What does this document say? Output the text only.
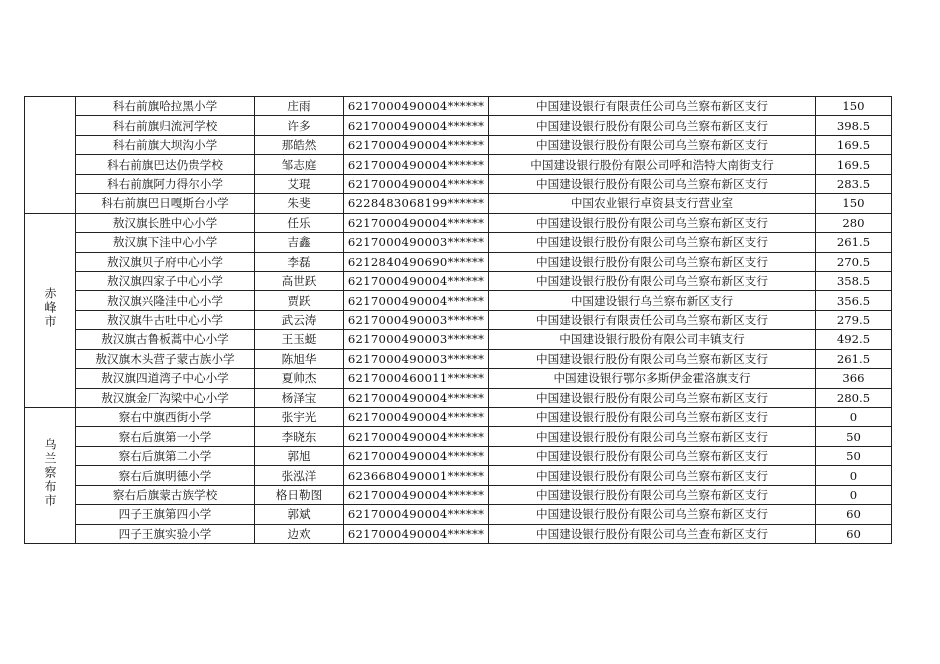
	科右前旗哈拉黑小学	庄雨	6217000490004******	中国建设银行有限责任公司乌兰察布新区支行	150
	科右前旗归流河学校	许多	6217000490004******	中国建设银行股份有限公司乌兰察布新区支行	398.5
	科右前旗大坝沟小学	那皓然	6217000490004******	中国建设银行股份有限公司乌兰察布新区支行	169.5
	科右前旗巴达仍贵学校	邹志庭	6217000490004******	中国建设银行股份有限公司呼和浩特大南街支行	169.5
	科右前旗阿力得尔小学	艾琨	6217000490004******	中国建设银行股份有限公司乌兰察布新区支行	283.5
	科右前旗巴日嘎斯台小学	朱斐	6228483068199******	中国农业银行卓资县支行营业室	150
赤峰市	敖汉旗长胜中心小学	任乐	6217000490004******	中国建设银行股份有限公司乌兰察布新区支行	280
	敖汉旗下洼中心小学	吉鑫	6217000490003******	中国建设银行股份有限公司乌兰察布新区支行	261.5
	敖汉旗贝子府中心小学	李磊	6212840490690******	中国建设银行股份有限公司乌兰察布新区支行	270.5
	敖汉旗四家子中心小学	高世跃	6217000490004******	中国建设银行股份有限公司乌兰察布新区支行	358.5
	敖汉旗兴隆洼中心小学	贾跃	6217000490004******	中国建设银行乌兰察布新区支行	356.5
	敖汉旗牛古吐中心小学	武云涛	6217000490003******	中国建设银行有限责任公司乌兰察布新区支行	279.5
	敖汉旗古鲁板蒿中心小学	王玉蜓	6217000490003******	中国建设银行股份有限公司丰镇支行	492.5
	敖汉旗木头营子蒙古族小学	陈旭华	6217000490003******	中国建设银行股份有限公司乌兰察布新区支行	261.5
	敖汉旗四道湾子中心小学	夏帅杰	6217000460011******	中国建设银行鄂尔多斯伊金霍洛旗支行	366
	敖汉旗金厂沟梁中心小学	杨泽宝	6217000490004******	中国建设银行股份有限公司乌兰察布新区支行	280.5
乌兰察布市	察右中旗西街小学	张宇光	6217000490004******	中国建设银行股份有限公司乌兰察布新区支行	0
	察右后旗第一小学	李晓东	6217000490004******	中国建设银行股份有限公司乌兰察布新区支行	50
	察右后旗第二小学	郭旭	6217000490004******	中国建设银行股份有限公司乌兰察布新区支行	50
	察右后旗明德小学	张泓洋	6236680490001******	中国建设银行股份有限公司乌兰察布新区支行	0
	察右后旗蒙古族学校	格日勒图	6217000490004******	中国建设银行股份有限公司乌兰察布新区支行	0
	四子王旗第四小学	郭斌	6217000490004******	中国建设银行股份有限公司乌兰察布新区支行	60
	四子王旗实验小学	边欢	6217000490004******	中国建设银行股份有限公司乌兰查布新区支行	60
